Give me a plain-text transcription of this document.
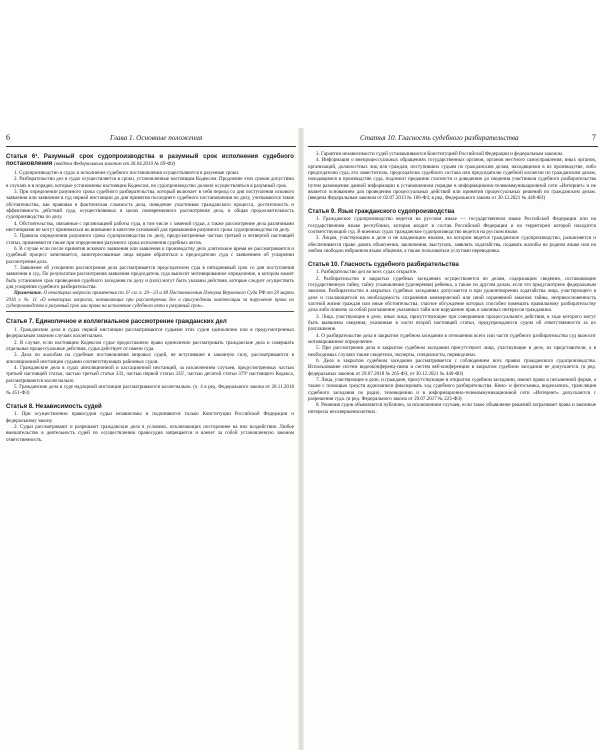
6	Глава 1. Основные положения
Статья 6¹. Разумный срок судопроизводства и разумный срок исполнения судебного постановления (введена Федеральным законом от 30.04.2010 № 69-ФЗ)

1. Судопроизводство в судах и исполнение судебного постановления осуществляются в разумные сроки.

2. Разбирательство дел в судах осуществляется в сроки, установленные настоящим Кодексом. Продление этих сроков допустимо в случаях и в порядке, которые установлены настоящим Кодексом, но судопроизводство должно осуществляться в разумный срок.

3. При определении разумного срока судебного разбирательства, который включает в себя период со дня поступления искового заявления или заявления в суд первой инстанции до дня принятия последнего судебного постановления по делу, учитываются такие обстоятельства, как правовая и фактическая сложность дела, поведение участников гражданского процесса, достаточность и эффективность действий суда, осуществляемых в целях своевременного рассмотрения дела, и общая продолжительность судопроизводства по делу.

4. Обстоятельства, связанные с организацией работы суда, в том числе с заменой судьи, а также рассмотрение дела различными инстанциями не могут приниматься во внимание в качестве оснований для превышения разумного срока судопроизводства по делу.

5. Правила определения разумного срока судопроизводства по делу, предусмотренные частью третьей и четвертой настоящей статьи, применяются также при определении разумного срока исполнения судебных актов.

6. В случае если после принятия искового заявления или заявления к производству дело длительное время не рассматривается и судебный процесс затягивается, заинтересованные лица вправе обратиться к председателю суда с заявлением об ускорении рассмотрения дела.

7. Заявление об ускорении рассмотрения дела рассматривается председателем суда в пятидневный срок со дня поступления заявления в суд. По результатам рассмотрения заявления председатель суда выносит мотивированное определение, в котором может быть установлен срок проведения судебного заседания по делу и (или) могут быть указаны действия, которые следует осуществить для ускорения судебного разбирательства.

Примечание. О некоторых вопросах применения ст. 6¹ см. п. 20—23 и 48 Постановления Пленума Верховного Суда РФ от 29 марта 2016 г. № 11 «О некоторых вопросах, возникающих при рассмотрении дел о присуждении компенсации за нарушение права на судопроизводство в разумный срок или права на исполнение судебного акта в разумный срок».

Статья 7. Единоличное и коллегиальное рассмотрение гражданских дел

1. Гражданские дела в судах первой инстанции рассматриваются судьями этих судов единолично или в предусмотренных федеральным законом случаях коллегиально.

2. В случае, если настоящим Кодексом судье предоставлено право единолично рассматривать гражданские дела и совершать отдельные процессуальные действия, судья действует от имени суда.

3. Дела по жалобам на судебные постановления мировых судей, не вступившие в законную силу, рассматриваются в апелляционной инстанции судьями соответствующих районных судов.

4. Гражданские дела в судах апелляционной и кассационной инстанций, за исключением случаев, предусмотренных частью третьей настоящей статьи, частью третьей статьи 333, частью первой статьи 335¹, частью десятой статьи 379⁵ настоящего Кодекса, рассматриваются коллегиально.

5. Гражданские дела в суде надзорной инстанции рассматриваются коллегиально. (ч. 4 в ред. Федерального закона от 28.11.2018 № 451-ФЗ)

Статья 8. Независимость судей

1. При осуществлении правосудия судьи независимы и подчиняются только Конституции Российской Федерации и федеральному закону.

2. Судьи рассматривают и разрешают гражданские дела в условиях, исключающих постороннее на них воздействие. Любое вмешательство в деятельность судей по осуществлению правосудия запрещается и влечет за собой установленную законом ответственность.

Статья 10. Гласность судебного разбирательства	7

3. Гарантии независимости судей устанавливаются Конституцией Российской Федерации и федеральным законом.

4. Информация о внепроцессуальных обращениях государственных органов, органов местного самоуправления, иных органов, организаций, должностных лиц или граждан, поступивших судьям по гражданским делам, находящимся в их производстве, либо председателю суда, его заместителю, председателю судебного состава или председателю судебной коллегии по гражданским делам, находящимся в производстве суда, подлежит преданию гласности и доведению до сведения участников судебного разбирательства путем размещения данной информации в установленном порядке в информационно-телекоммуникационной сети «Интернет» и не является основанием для проведения процессуальных действий или принятия процессуальных решений по гражданским делам. (введена Федеральным законом от 02.07.2013 № 166-ФЗ, в ред. Федерального закона от 30.12.2021 № 440-ФЗ)

Статья 9. Язык гражданского судопроизводства

1. Гражданское судопроизводство ведется на русском языке — государственном языке Российской Федерации или на государственном языке республики, которая входит в состав Российской Федерации и на территории которой находится соответствующий суд. В военных судах гражданское судопроизводство ведется на русском языке.

2. Лицам, участвующим в деле и не владеющим языком, на котором ведется гражданское судопроизводство, разъясняется и обеспечивается право давать объяснения, заключения, выступать, заявлять ходатайства, подавать жалобы на родном языке или на любом свободно избранном языке общения, а также пользоваться услугами переводчика.

Статья 10. Гласность судебного разбирательства

1. Разбирательство дел во всех судах открытое.

2. Разбирательство в закрытых судебных заседаниях осуществляется по делам, содержащим сведения, составляющие государственную тайну, тайну усыновления (удочерения) ребенка, а также по другим делам, если это предусмотрено федеральным законом. Разбирательство в закрытых судебных заседаниях допускается и при удовлетворении ходатайства лица, участвующего в деле и ссылающегося на необходимость сохранения коммерческой или иной охраняемой законом тайны, неприкосновенность частной жизни граждан или иные обстоятельства, гласное обсуждение которых способно помешать правильному разбирательству дела либо повлечь за собой разглашение указанных тайн или нарушение прав и законных интересов гражданина.

3. Лица, участвующие в деле, иные лица, присутствующие при совершении процессуального действия, в ходе которого могут быть выявлены сведения, указанные в части второй настоящей статьи, предупреждаются судом об ответственности за их разглашение.

4. О разбирательстве дела в закрытом судебном заседании в отношении всего или части судебного разбирательства суд выносит мотивированное определение.

5. При рассмотрении дела в закрытом судебном заседании присутствуют лица, участвующие в деле, их представители, а в необходимых случаях также свидетели, эксперты, специалисты, переводчики.

6. Дело в закрытом судебном заседании рассматривается с соблюдением всех правил гражданского судопроизводства. Использование систем видеоконференц-связи и систем веб-конференции в закрытом судебном заседании не допускается. (в ред. федеральных законов от 29.07.2018 № 265-ФЗ, от 30.12.2021 № 440-ФЗ)

7. Лица, участвующие в деле, и граждане, присутствующие в открытом судебном заседании, имеют право в письменной форме, а также с помощью средств аудиозаписи фиксировать ход судебного разбирательства. Кино- и фотосъемка, видеозапись, трансляция судебного заседания по радио, телевидению и в информационно-телекоммуникационной сети «Интернет» допускаются с разрешения суда. (в ред. Федерального закона от 29.07.2017 № 223-ФЗ)

8. Решения судов объявляются публично, за исключением случаев, если такое объявление решений затрагивает права и законные интересы несовершеннолетних.
